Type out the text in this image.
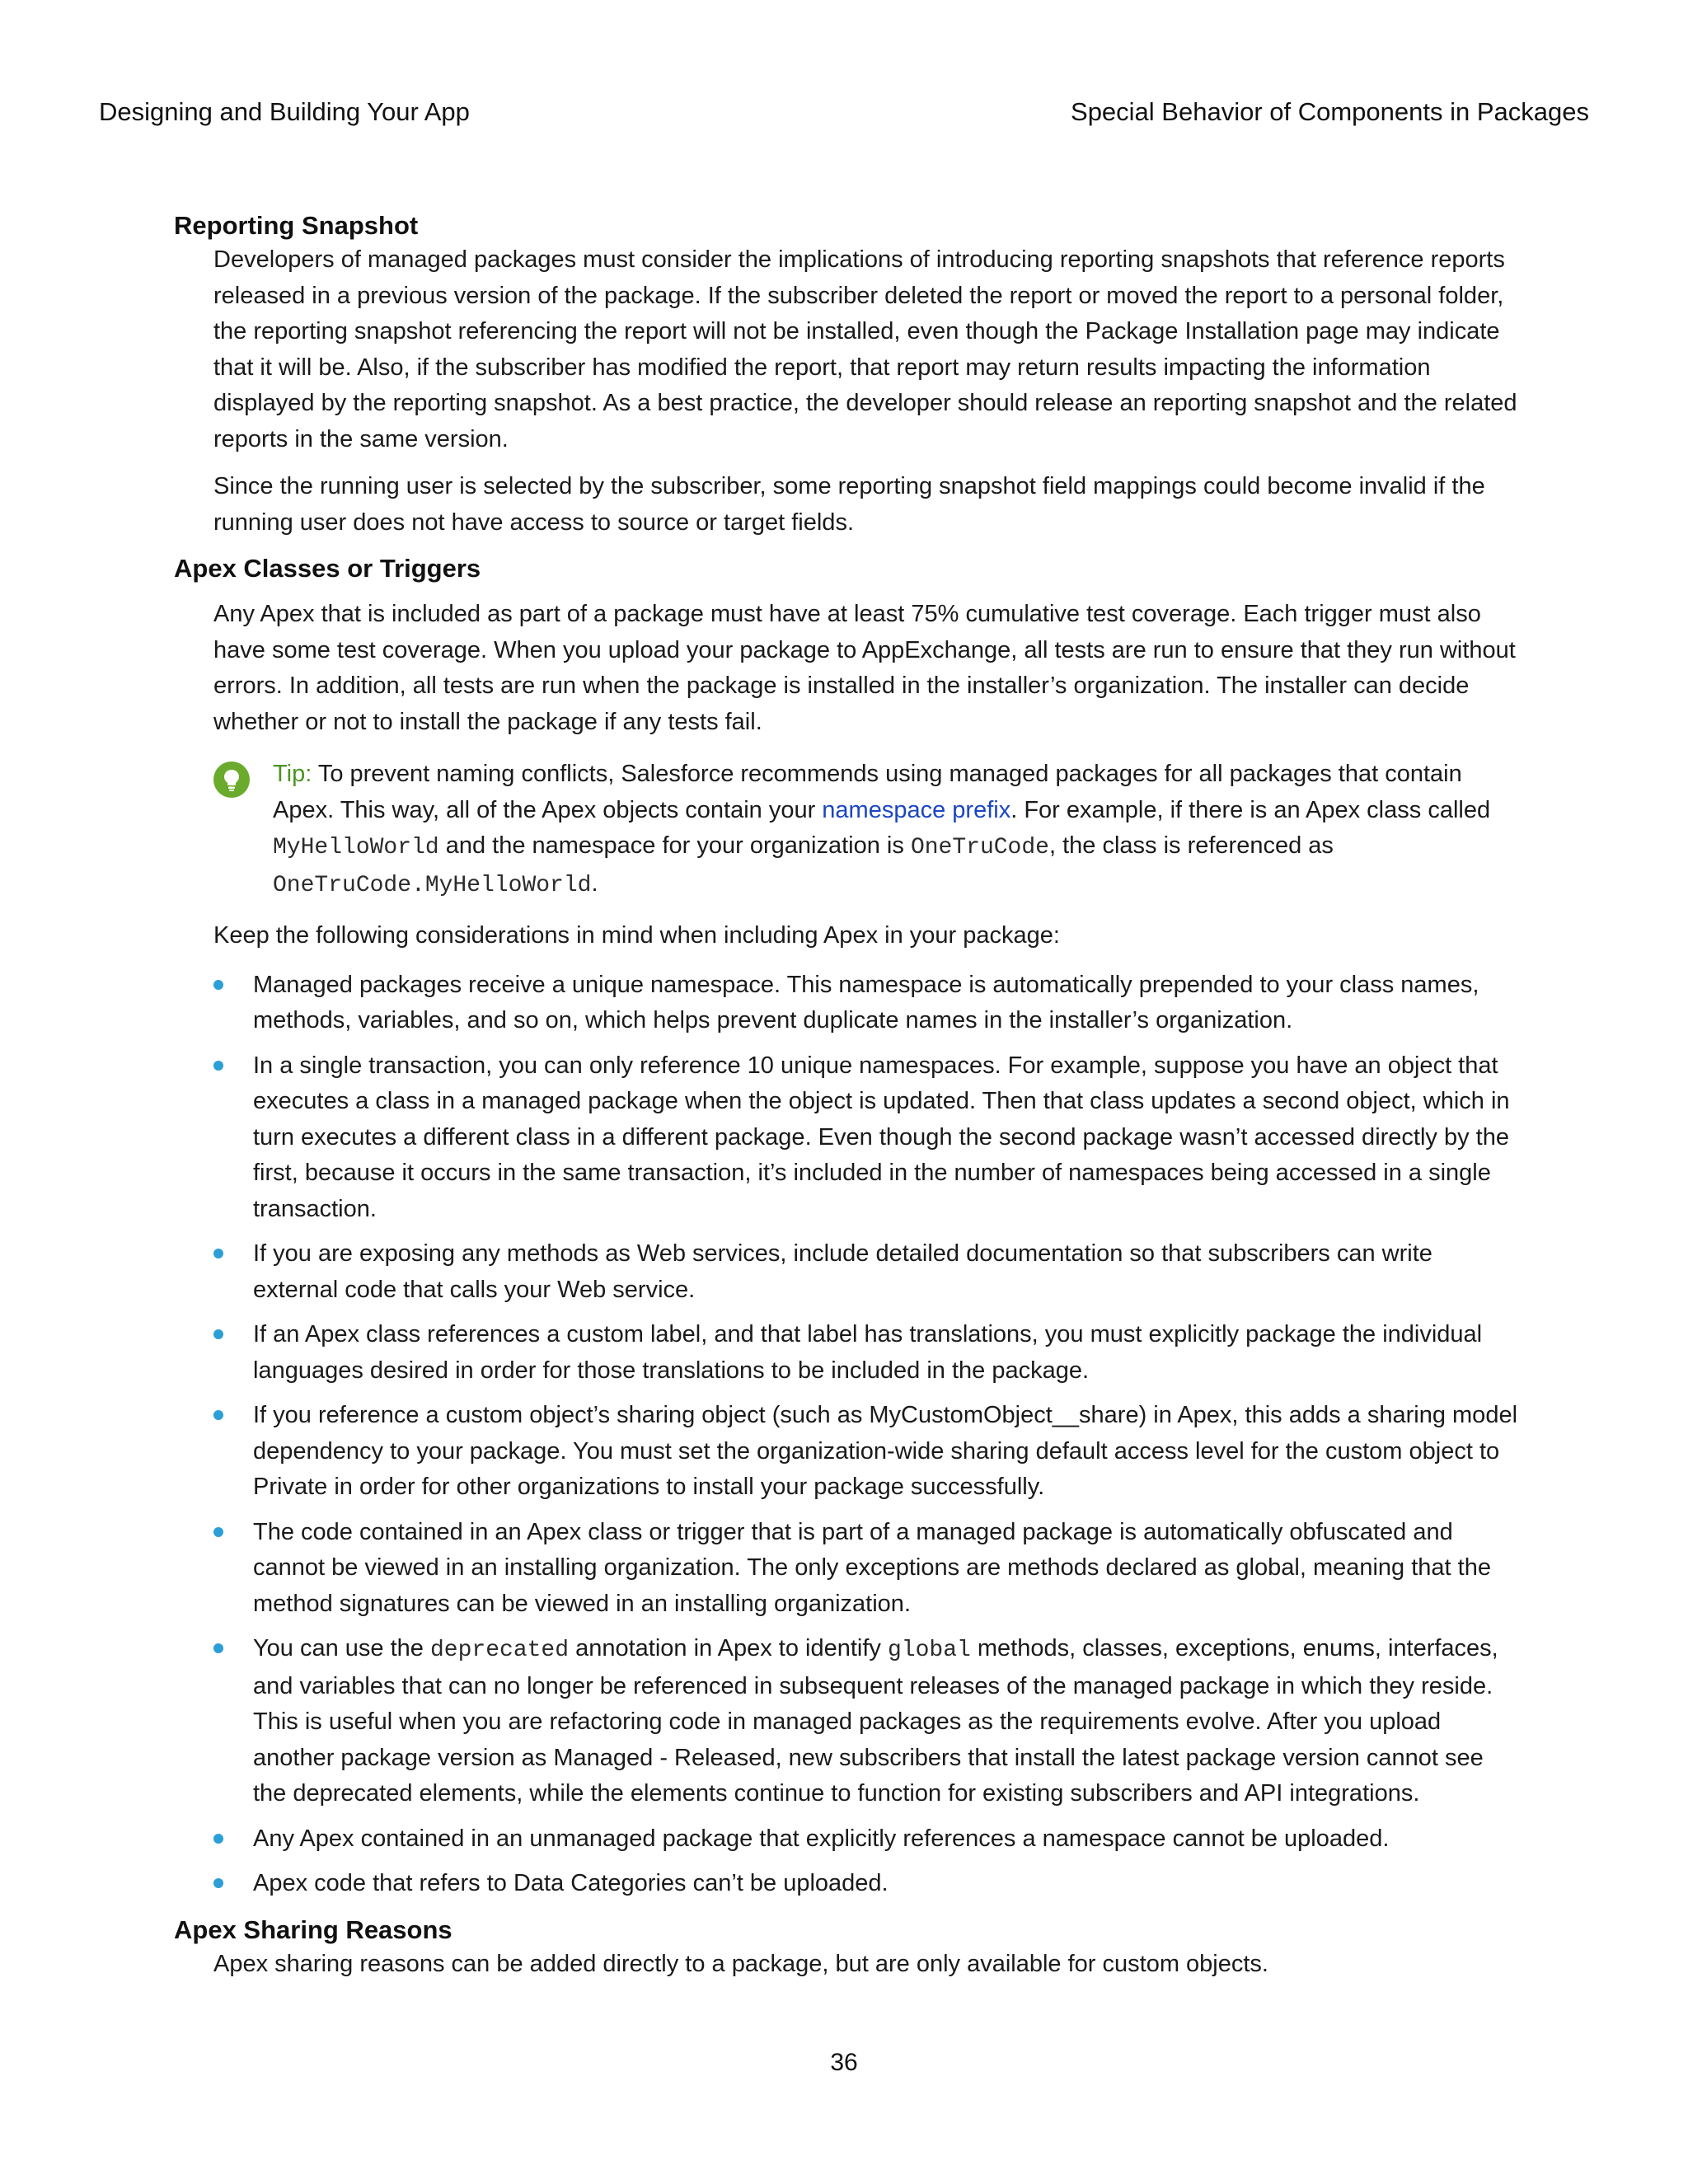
Designing and Building Your App	Special Behavior of Components in Packages
Reporting Snapshot

Developers of managed packages must consider the implications of introducing reporting snapshots that reference reports released in a previous version of the package. If the subscriber deleted the report or moved the report to a personal folder, the reporting snapshot referencing the report will not be installed, even though the Package Installation page may indicate that it will be. Also, if the subscriber has modified the report, that report may return results impacting the information displayed by the reporting snapshot. As a best practice, the developer should release an reporting snapshot and the related reports in the same version.

Since the running user is selected by the subscriber, some reporting snapshot field mappings could become invalid if the running user does not have access to source or target fields.

Apex Classes or Triggers

Any Apex that is included as part of a package must have at least 75% cumulative test coverage. Each trigger must also have some test coverage. When you upload your package to AppExchange, all tests are run to ensure that they run without errors. In addition, all tests are run when the package is installed in the installer’s organization. The installer can decide whether or not to install the package if any tests fail.

Tip: To prevent naming conflicts, Salesforce recommends using managed packages for all packages that contain Apex. This way, all of the Apex objects contain your namespace prefix. For example, if there is an Apex class called MyHelloWorld and the namespace for your organization is OneTruCode, the class is referenced as OneTruCode.MyHelloWorld.

Keep the following considerations in mind when including Apex in your package:

Managed packages receive a unique namespace. This namespace is automatically prepended to your class names, methods, variables, and so on, which helps prevent duplicate names in the installer’s organization.
In a single transaction, you can only reference 10 unique namespaces. For example, suppose you have an object that executes a class in a managed package when the object is updated. Then that class updates a second object, which in turn executes a different class in a different package. Even though the second package wasn’t accessed directly by the first, because it occurs in the same transaction, it’s included in the number of namespaces being accessed in a single transaction.
If you are exposing any methods as Web services, include detailed documentation so that subscribers can write external code that calls your Web service.
If an Apex class references a custom label, and that label has translations, you must explicitly package the individual languages desired in order for those translations to be included in the package.
If you reference a custom object’s sharing object (such as MyCustomObject__share) in Apex, this adds a sharing model dependency to your package. You must set the organization-wide sharing default access level for the custom object to Private in order for other organizations to install your package successfully.
The code contained in an Apex class or trigger that is part of a managed package is automatically obfuscated and cannot be viewed in an installing organization. The only exceptions are methods declared as global, meaning that the method signatures can be viewed in an installing organization.
You can use the deprecated annotation in Apex to identify global methods, classes, exceptions, enums, interfaces, and variables that can no longer be referenced in subsequent releases of the managed package in which they reside. This is useful when you are refactoring code in managed packages as the requirements evolve. After you upload another package version as Managed - Released, new subscribers that install the latest package version cannot see the deprecated elements, while the elements continue to function for existing subscribers and API integrations.
Any Apex contained in an unmanaged package that explicitly references a namespace cannot be uploaded.
Apex code that refers to Data Categories can’t be uploaded.
Apex Sharing Reasons

Apex sharing reasons can be added directly to a package, but are only available for custom objects.

36
